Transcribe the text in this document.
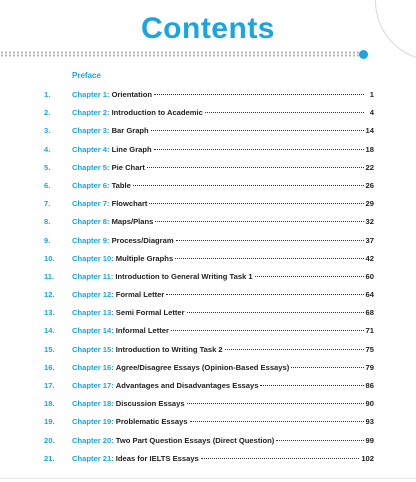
Contents
Preface
1.	Chapter 1: Orientation	1
2.	Chapter 2: Introduction to Academic	4
3.	Chapter 3: Bar Graph	14
4.	Chapter 4: Line Graph	18
5.	Chapter 5: Pie Chart	22
6.	Chapter 6: Table	26
7.	Chapter 7: Flowchart	29
8.	Chapter 8: Maps/Plans	32
9.	Chapter 9: Process/Diagram	37
10. Chapter 10: Multiple Graphs	42
11. Chapter 11: Introduction to General Writing Task 1	60
12. Chapter 12: Formal Letter	64
13. Chapter 13: Semi Formal Letter	68
14. Chapter 14: Informal Letter	71
15. Chapter 15: Introduction to Writing Task 2	75
16. Chapter 16: Agree/Disagree Essays (Opinion-Based Essays)	79
17. Chapter 17: Advantages and Disadvantages Essays	86
18. Chapter 18: Discussion Essays	90
19. Chapter 19: Problematic Essays	93
20. Chapter 20: Two Part Question Essays (Direct Question)	99
21. Chapter 21: Ideas for IELTS Essays	102
